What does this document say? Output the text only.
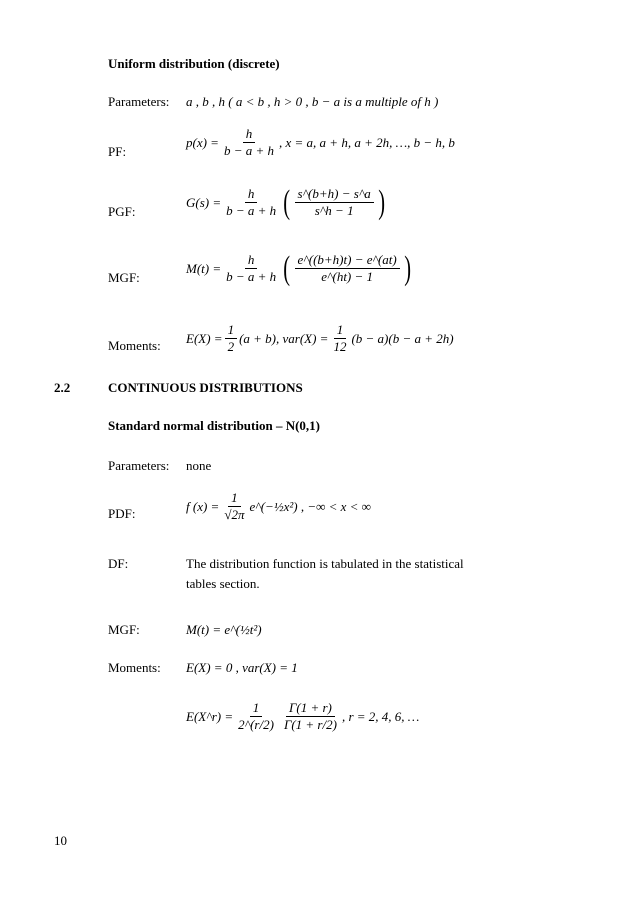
Uniform distribution (discrete)
Parameters: a , b , h ( a < b , h > 0 , b − a is a multiple of h )
PF:
$p(x) = \frac{h}{b - a + h}$ , x = a, a + h, a + 2h, …, b − h, b
PGF:
$G(s) = \frac{h}{b - a + h}$ ( $\frac{s\^{}(b+h) - s\^{}a}{s\^{}h - 1}$ )
MGF:
$M(t) = \frac{h}{b - a + h}$ ( $\frac{e\^{}((b+h)t) - e\^{}(at)}{e\^{}(ht) - 1}$ )
Moments: $E(X) = \frac{1}{2} (a + b)$, $var(X) = \frac{1}{12} (b - a)(b - a + 2h)$
2.2	CONTINUOUS DISTRIBUTIONS
Standard normal distribution – N(0,1)
Parameters: none
PDF:	f $(x) = \frac{1}{√2\pi}$ e^(−½x²) , −∞ < x < ∞
DF:	The distribution function is tabulated in the statistical
tables section.
MGF:	M(t) = e^(½t²)
Moments: E(X) = 0 , var(X) = 1
E(X^r) = $\frac{1}{2\^{}(r/2)} \frac{\Gamma(1 + r)}{\Gamma(1 + r/2)}$ , r = 2, 4, 6, …
10
